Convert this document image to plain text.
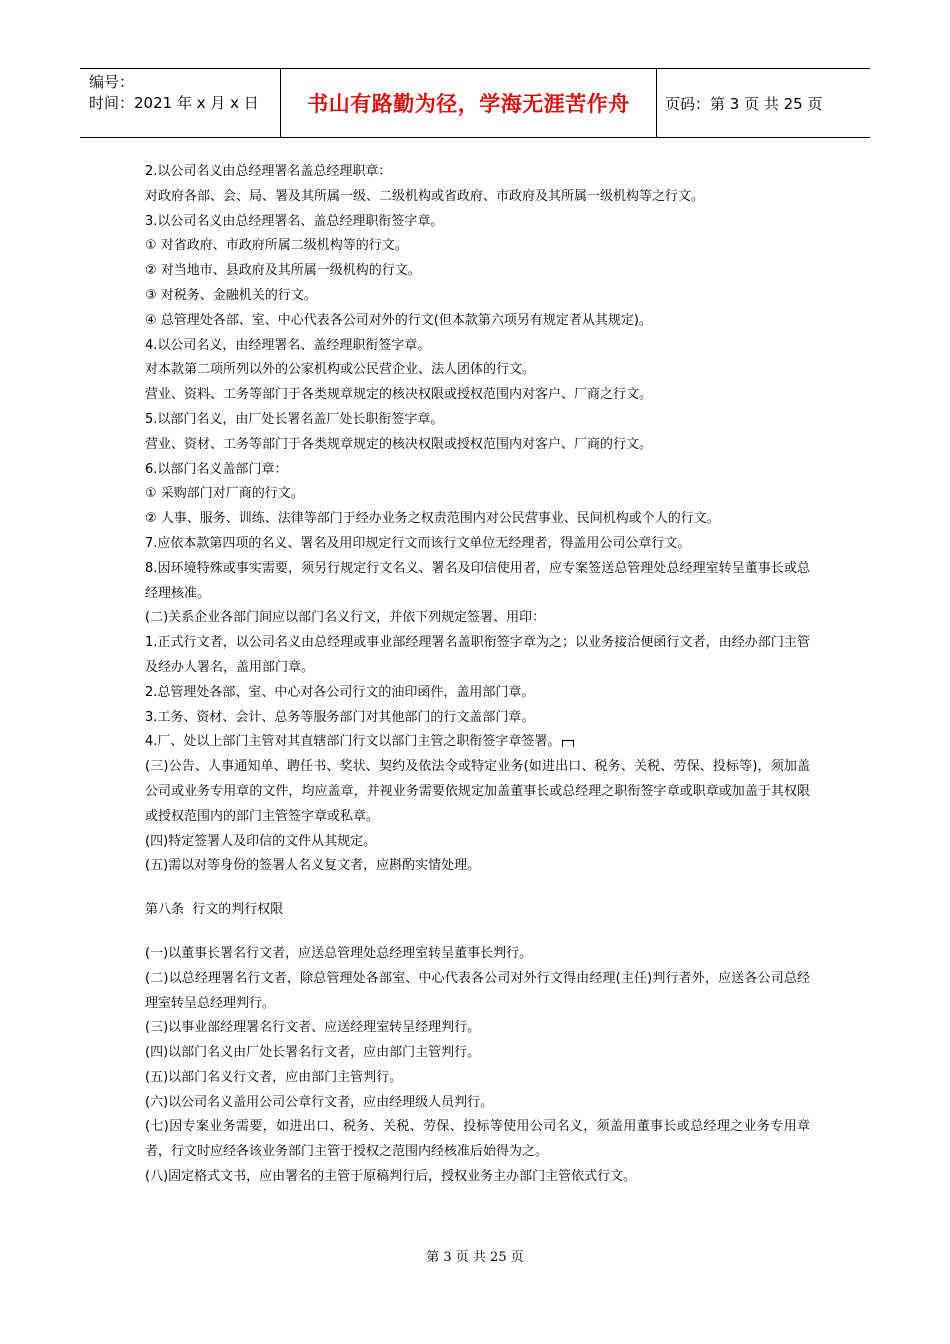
编号：
时间：2021 年 x 月 x 日	书山有路勤为径，学海无涯苦作舟 页码：第 3 页 共 25 页
2.以公司名义由总经理署名盖总经理职章：
对政府各部、会、局、署及其所属一级、二级机构或省政府、市政府及其所属一级机构等之行文。
3.以公司名义由总经理署名、盖总经理职衔签字章。
① 对省政府、市政府所属二级机构等的行文。
② 对当地市、县政府及其所属一级机构的行文。
③ 对税务、金融机关的行文。
④ 总管理处各部、室、中心代表各公司对外的行文(但本款第六项另有规定者从其规定)。
4.以公司名义，由经理署名、盖经理职衔签字章。
对本款第二项所列以外的公家机构或公民营企业、法人团体的行文。
营业、资料、工务等部门于各类规章规定的核决权限或授权范围内对客户、厂商之行文。
5.以部门名义，由厂处长署名盖厂处长职衔签字章。
营业、资材、工务等部门于各类规章规定的核决权限或授权范围内对客户、厂商的行文。
6.以部门名义盖部门章：
① 采购部门对厂商的行文。
② 人事、服务、训练、法律等部门于经办业务之权责范围内对公民营事业、民间机构或个人的行文。
7.应依本款第四项的名义、署名及用印规定行文而该行文单位无经理者，得盖用公司公章行文。
8.因环境特殊或事实需要，须另行规定行文名义、署名及印信使用者，应专案签送总管理处总经理室转呈董事长或总经理核准。
(二)关系企业各部门间应以部门名义行文，并依下列规定签署、用印：
1.正式行文者，以公司名义由总经理或事业部经理署名盖职衔签字章为之；以业务接洽便函行文者，由经办部门主管及经办人署名，盖用部门章。
2.总管理处各部、室、中心对各公司行文的油印函件，盖用部门章。
3.工务、资材、会计、总务等服务部门对其他部门的行文盖部门章。
4.厂、处以上部门主管对其直辖部门行文以部门主管之职衔签字章签署。
(三)公告、人事通知单、聘任书、奖状、契约及依法令或特定业务(如进出口、税务、关税、劳保、投标等)，须加盖公司或业务专用章的文件，均应盖章，并视业务需要依规定加盖董事长或总经理之职衔签字章或职章或加盖于其权限或授权范围内的部门主管签字章或私章。
(四)特定签署人及印信的文件从其规定。
(五)需以对等身份的签署人名义复文者，应斟酌实情处理。
第八条  行文的判行权限
(一)以董事长署名行文者，应送总管理处总经理室转呈董事长判行。
(二)以总经理署名行文者，除总管理处各部室、中心代表各公司对外行文得由经理(主任)判行者外，应送各公司总经理室转呈总经理判行。
(三)以事业部经理署名行文者、应送经理室转呈经理判行。
(四)以部门名义由厂处长署名行文者，应由部门主管判行。
(五)以部门名义行文者，应由部门主管判行。
(六)以公司名义盖用公司公章行文者，应由经理级人员判行。
(七)因专案业务需要，如进出口、税务、关税、劳保、投标等使用公司名义，须盖用董事长或总经理之业务专用章者，行文时应经各该业务部门主管于授权之范围内经核准后始得为之。
(八)固定格式文书，应由署名的主管于原稿判行后，授权业务主办部门主管依式行文。
第 3 页 共 25 页
